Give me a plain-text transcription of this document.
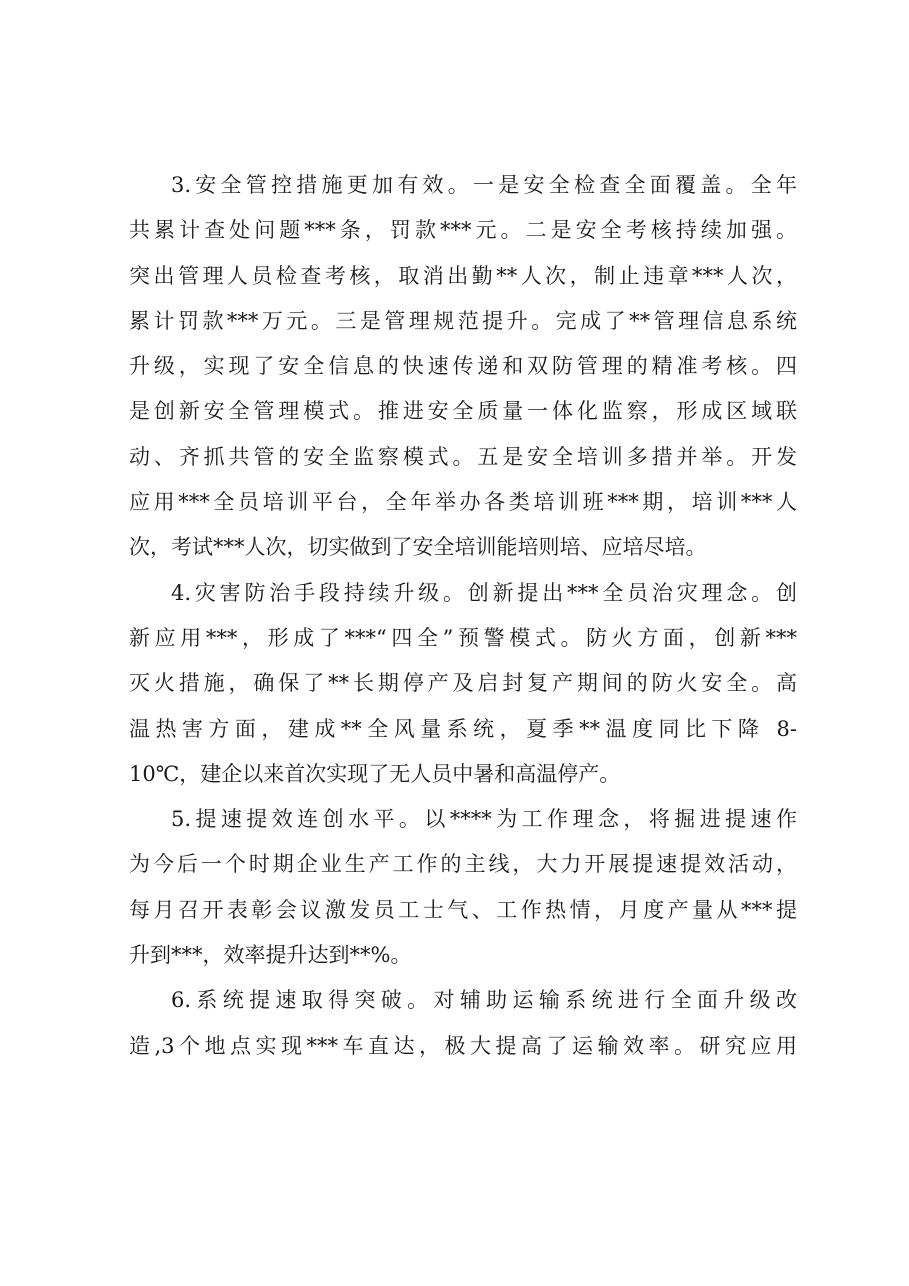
3.安全管控措施更加有效。一是安全检查全面覆盖。全年
共累计查处问题***条，罚款***元。二是安全考核持续加强。
突出管理人员检查考核，取消出勤**人次，制止违章***人次，
累计罚款***万元。三是管理规范提升。完成了**管理信息系统
升级，实现了安全信息的快速传递和双防管理的精准考核。四
是创新安全管理模式。推进安全质量一体化监察，形成区域联
动、齐抓共管的安全监察模式。五是安全培训多措并举。开发
应用***全员培训平台，全年举办各类培训班***期，培训***人
次，考试***人次，切实做到了安全培训能培则培、应培尽培。
4.灾害防治手段持续升级。创新提出***全员治灾理念。创
新应用***，形成了***“四全”预警模式。防火方面，创新***
灭火措施，确保了**长期停产及启封复产期间的防火安全。高
温热害方面，建成**全风量系统，夏季**温度同比下降 8-
10℃，建企以来首次实现了无人员中暑和高温停产。
5.提速提效连创水平。以****为工作理念，将掘进提速作
为今后一个时期企业生产工作的主线，大力开展提速提效活动，
每月召开表彰会议激发员工士气、工作热情，月度产量从***提
升到***，效率提升达到**%。
6.系统提速取得突破。对辅助运输系统进行全面升级改
造,3个地点实现***车直达，极大提高了运输效率。研究应用
